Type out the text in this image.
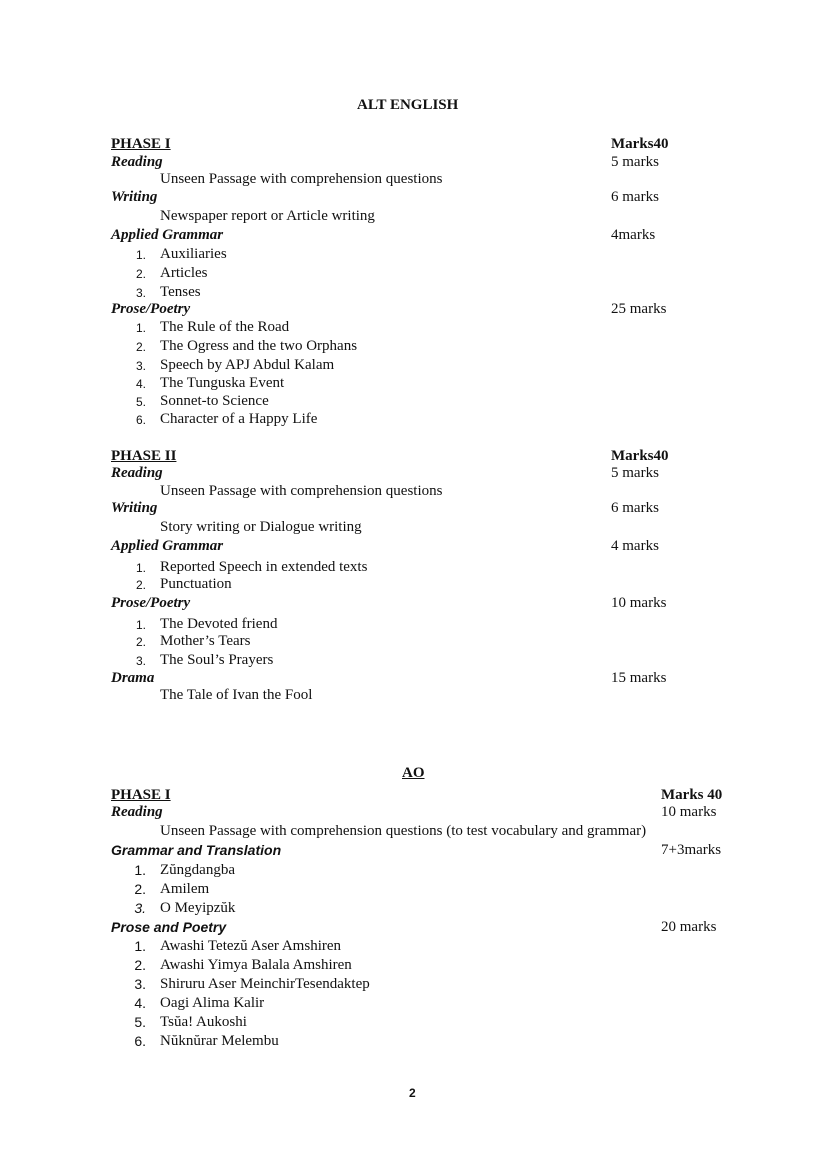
ALT ENGLISH
PHASE I	Marks40
Reading	5 marks
Unseen Passage with comprehension questions
Writing	6 marks
Newspaper report or Article writing
Applied Grammar	4marks
1. Auxiliaries
2. Articles
3. Tenses
Prose/Poetry	25 marks
1. The Rule of the Road
2. The Ogress and the two Orphans
3. Speech by APJ Abdul Kalam
4. The Tunguska Event
5. Sonnet-to Science
6. Character of a Happy Life
PHASE II	Marks40
Reading	5 marks
Unseen Passage with comprehension questions
Writing	6 marks
Story writing or Dialogue writing
Applied Grammar	4 marks
1. Reported Speech in extended texts
2. Punctuation
Prose/Poetry	10 marks
1. The Devoted friend
2. Mother’s Tears
3. The Soul’s Prayers
Drama	15 marks
The Tale of Ivan the Fool
AO
PHASE I	Marks 40
Reading	10 marks
Unseen Passage with comprehension questions (to test vocabulary and grammar)
Grammar and Translation	7+3marks
1. Zŭngdangba
2. Amilem
3. O Meyipzŭk
Prose and Poetry	20 marks
1. Awashi Tetezŭ Aser Amshiren
2. Awashi Yimya Balala Amshiren
3. Shiruru Aser MeinchirTesendaktep
4. Oagi Alima Kalir
5. Tsŭa! Aukoshi
6. Nŭknŭrar Melembu
2
